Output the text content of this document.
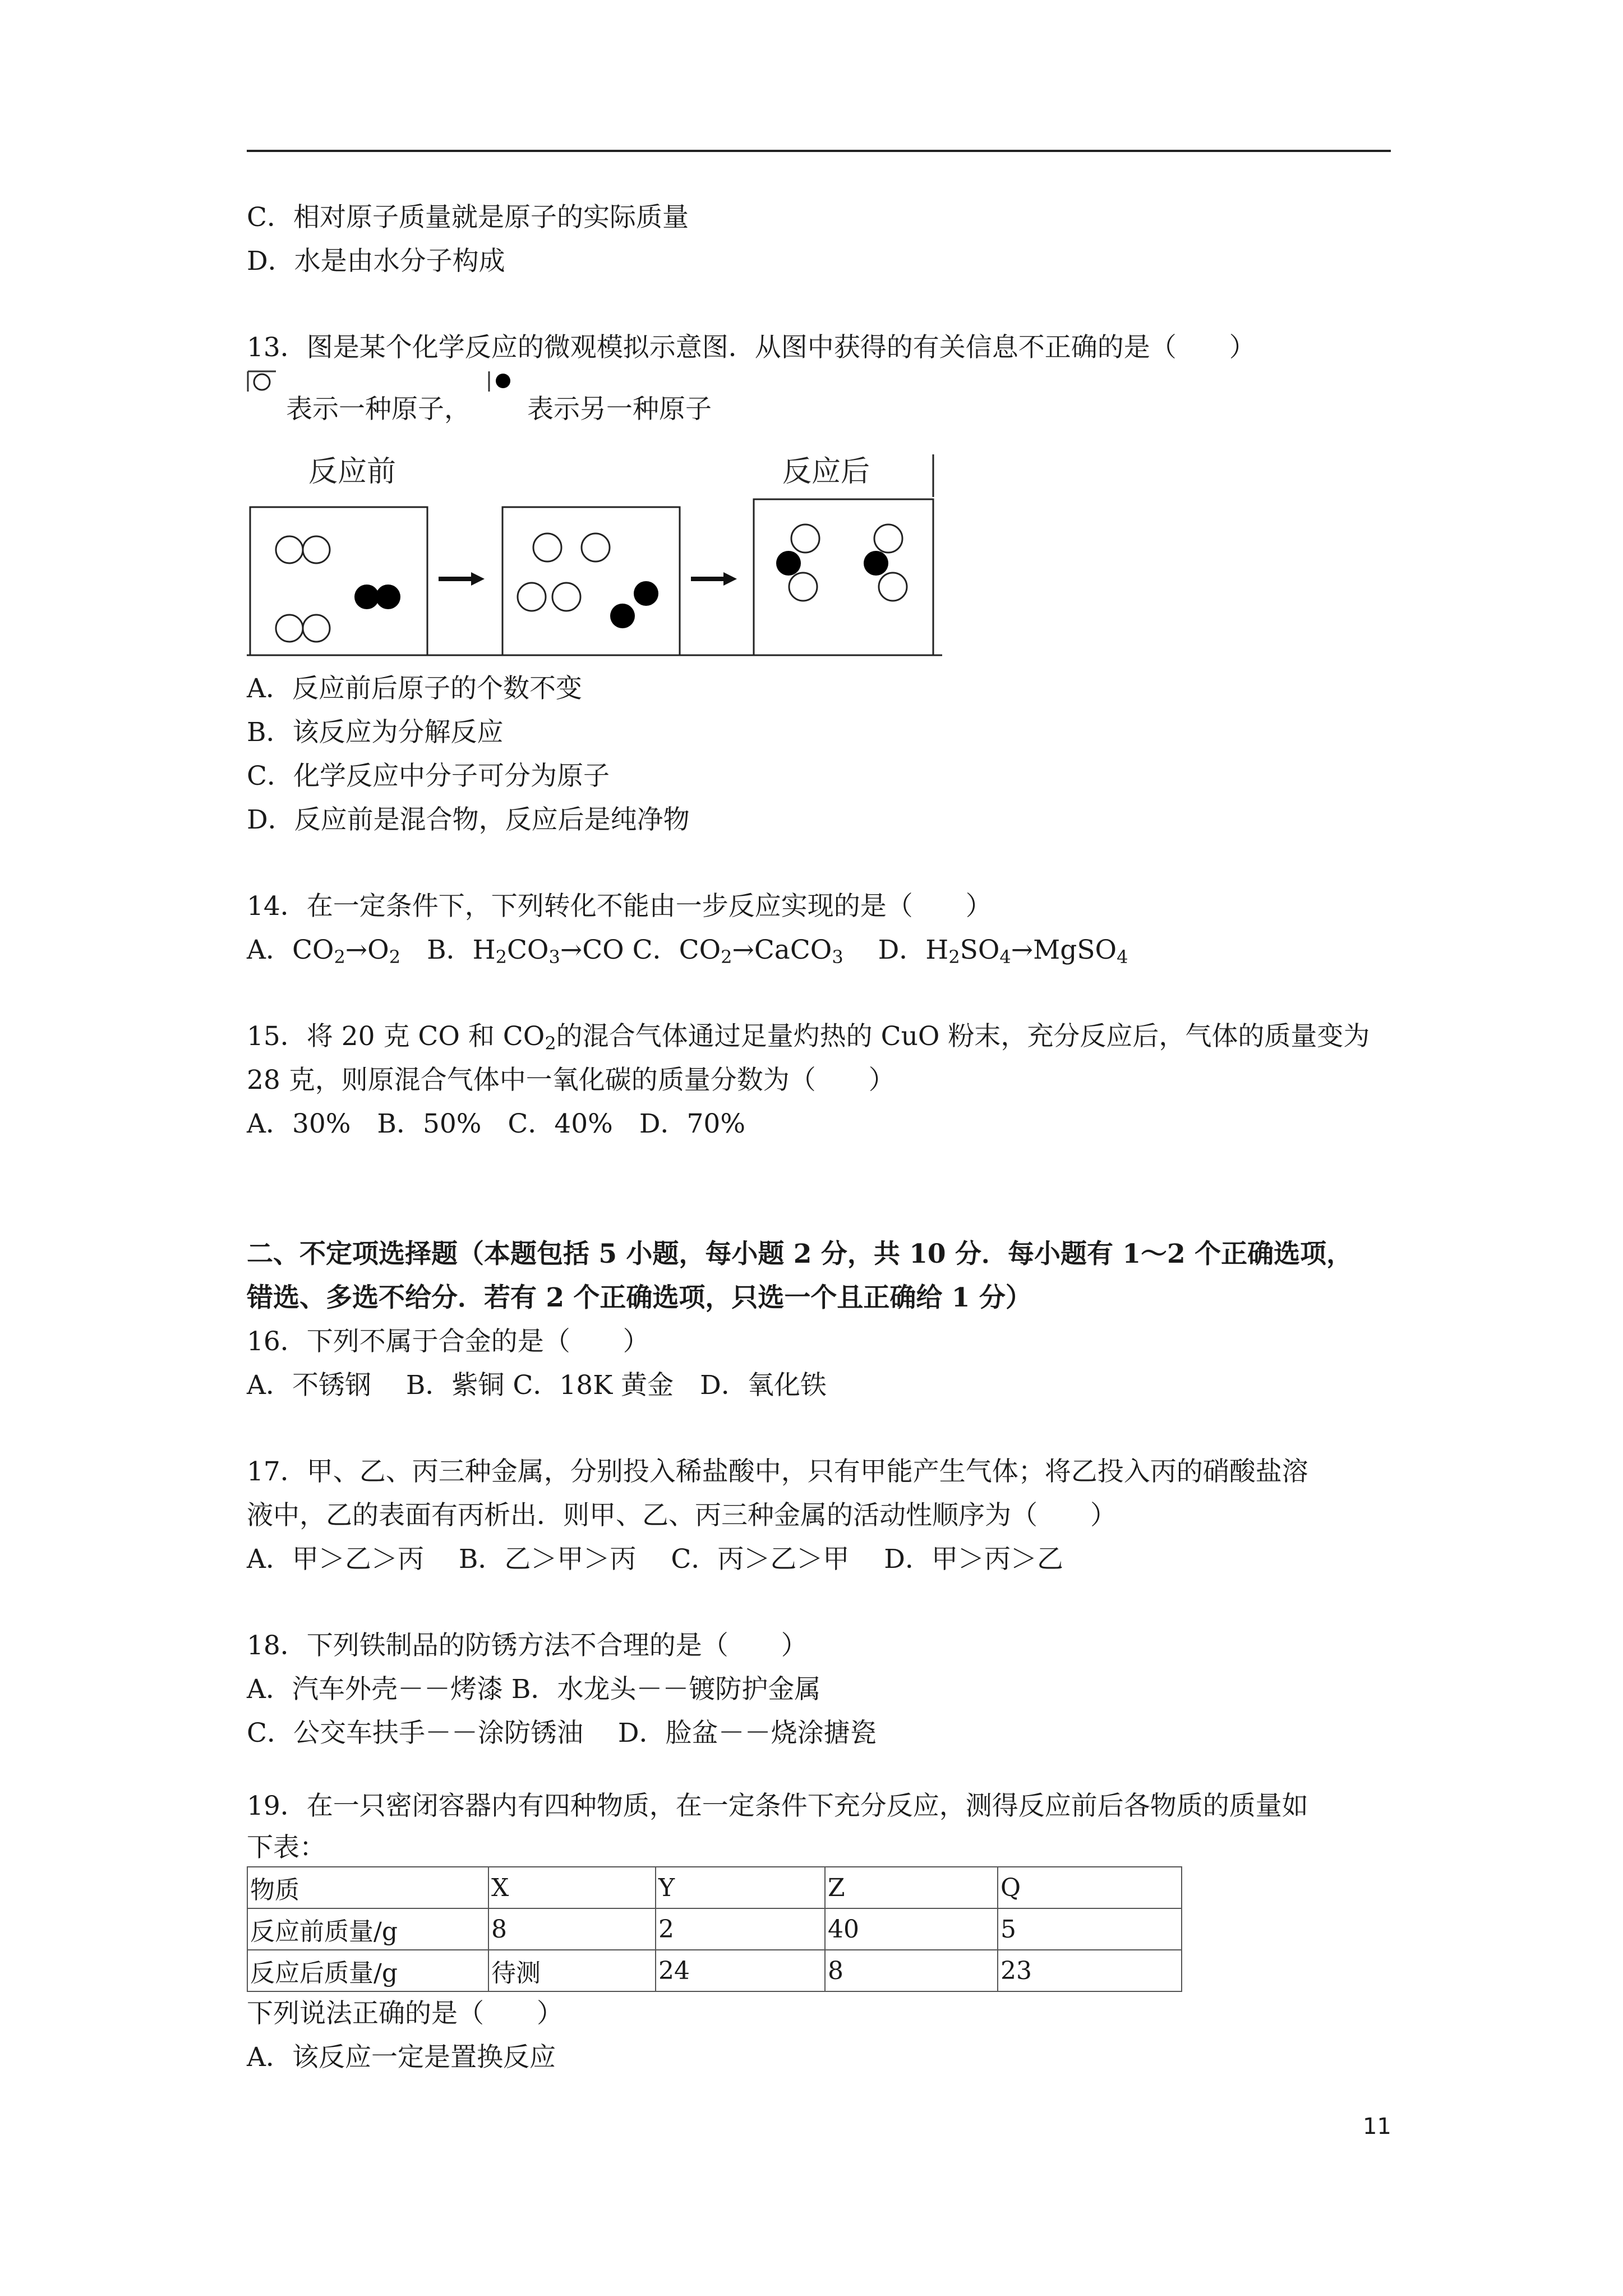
C．相对原子质量就是原子的实际质量
D．水是由水分子构成
13．图是某个化学反应的微观模拟示意图．从图中获得的有关信息不正确的是（　　）
表示一种原子， 表示另一种原子
反应前	反应后
A．反应前后原子的个数不变
B．该反应为分解反应
C．化学反应中分子可分为原子
D．反应前是混合物，反应后是纯净物
14．在一定条件下，下列转化不能由一步反应实现的是（　　）
A．$CO_2\to O_2$　B．$H_2CO_3\to CO$ C．$CO_2\to CaCO_3$　 D．$H_2SO_4\to MgSO_4$
15．将 20 克 CO 和 $CO_2$的混合气体通过足量灼热的 CuO 粉末，充分反应后，气体的质量变为
28 克，则原混合气体中一氧化碳的质量分数为（　　）
A．30%　B．50%　C．40%　D．70%
二、不定项选择题（本题包括 5 小题，每小题 2 分，共 10 分．每小题有 1～2 个正确选项，
错选、多选不给分．若有 2 个正确选项，只选一个且正确给 1 分）
16．下列不属于合金的是（　　）
A．不锈钢　 B．紫铜 C．18K 黄金　D．氧化铁
17．甲、乙、丙三种金属，分别投入稀盐酸中，只有甲能产生气体；将乙投入丙的硝酸盐溶
液中，乙的表面有丙析出．则甲、乙、丙三种金属的活动性顺序为（　　）
A．甲＞乙＞丙　 B．乙＞甲＞丙　 C．丙＞乙＞甲　 D．甲＞丙＞乙
18．下列铁制品的防锈方法不合理的是（　　）
A．汽车外壳－－烤漆 B．水龙头－－镀防护金属
C．公交车扶手－－涂防锈油　 D．脸盆－－烧涂搪瓷
19．在一只密闭容器内有四种物质，在一定条件下充分反应，测得反应前后各物质的质量如
下表：
物质	X	Y	Z	Q
反应前质量/g	8	2	40	5
反应后质量/g	待测	24	8	23
下列说法正确的是（　　）
A．该反应一定是置换反应
11
